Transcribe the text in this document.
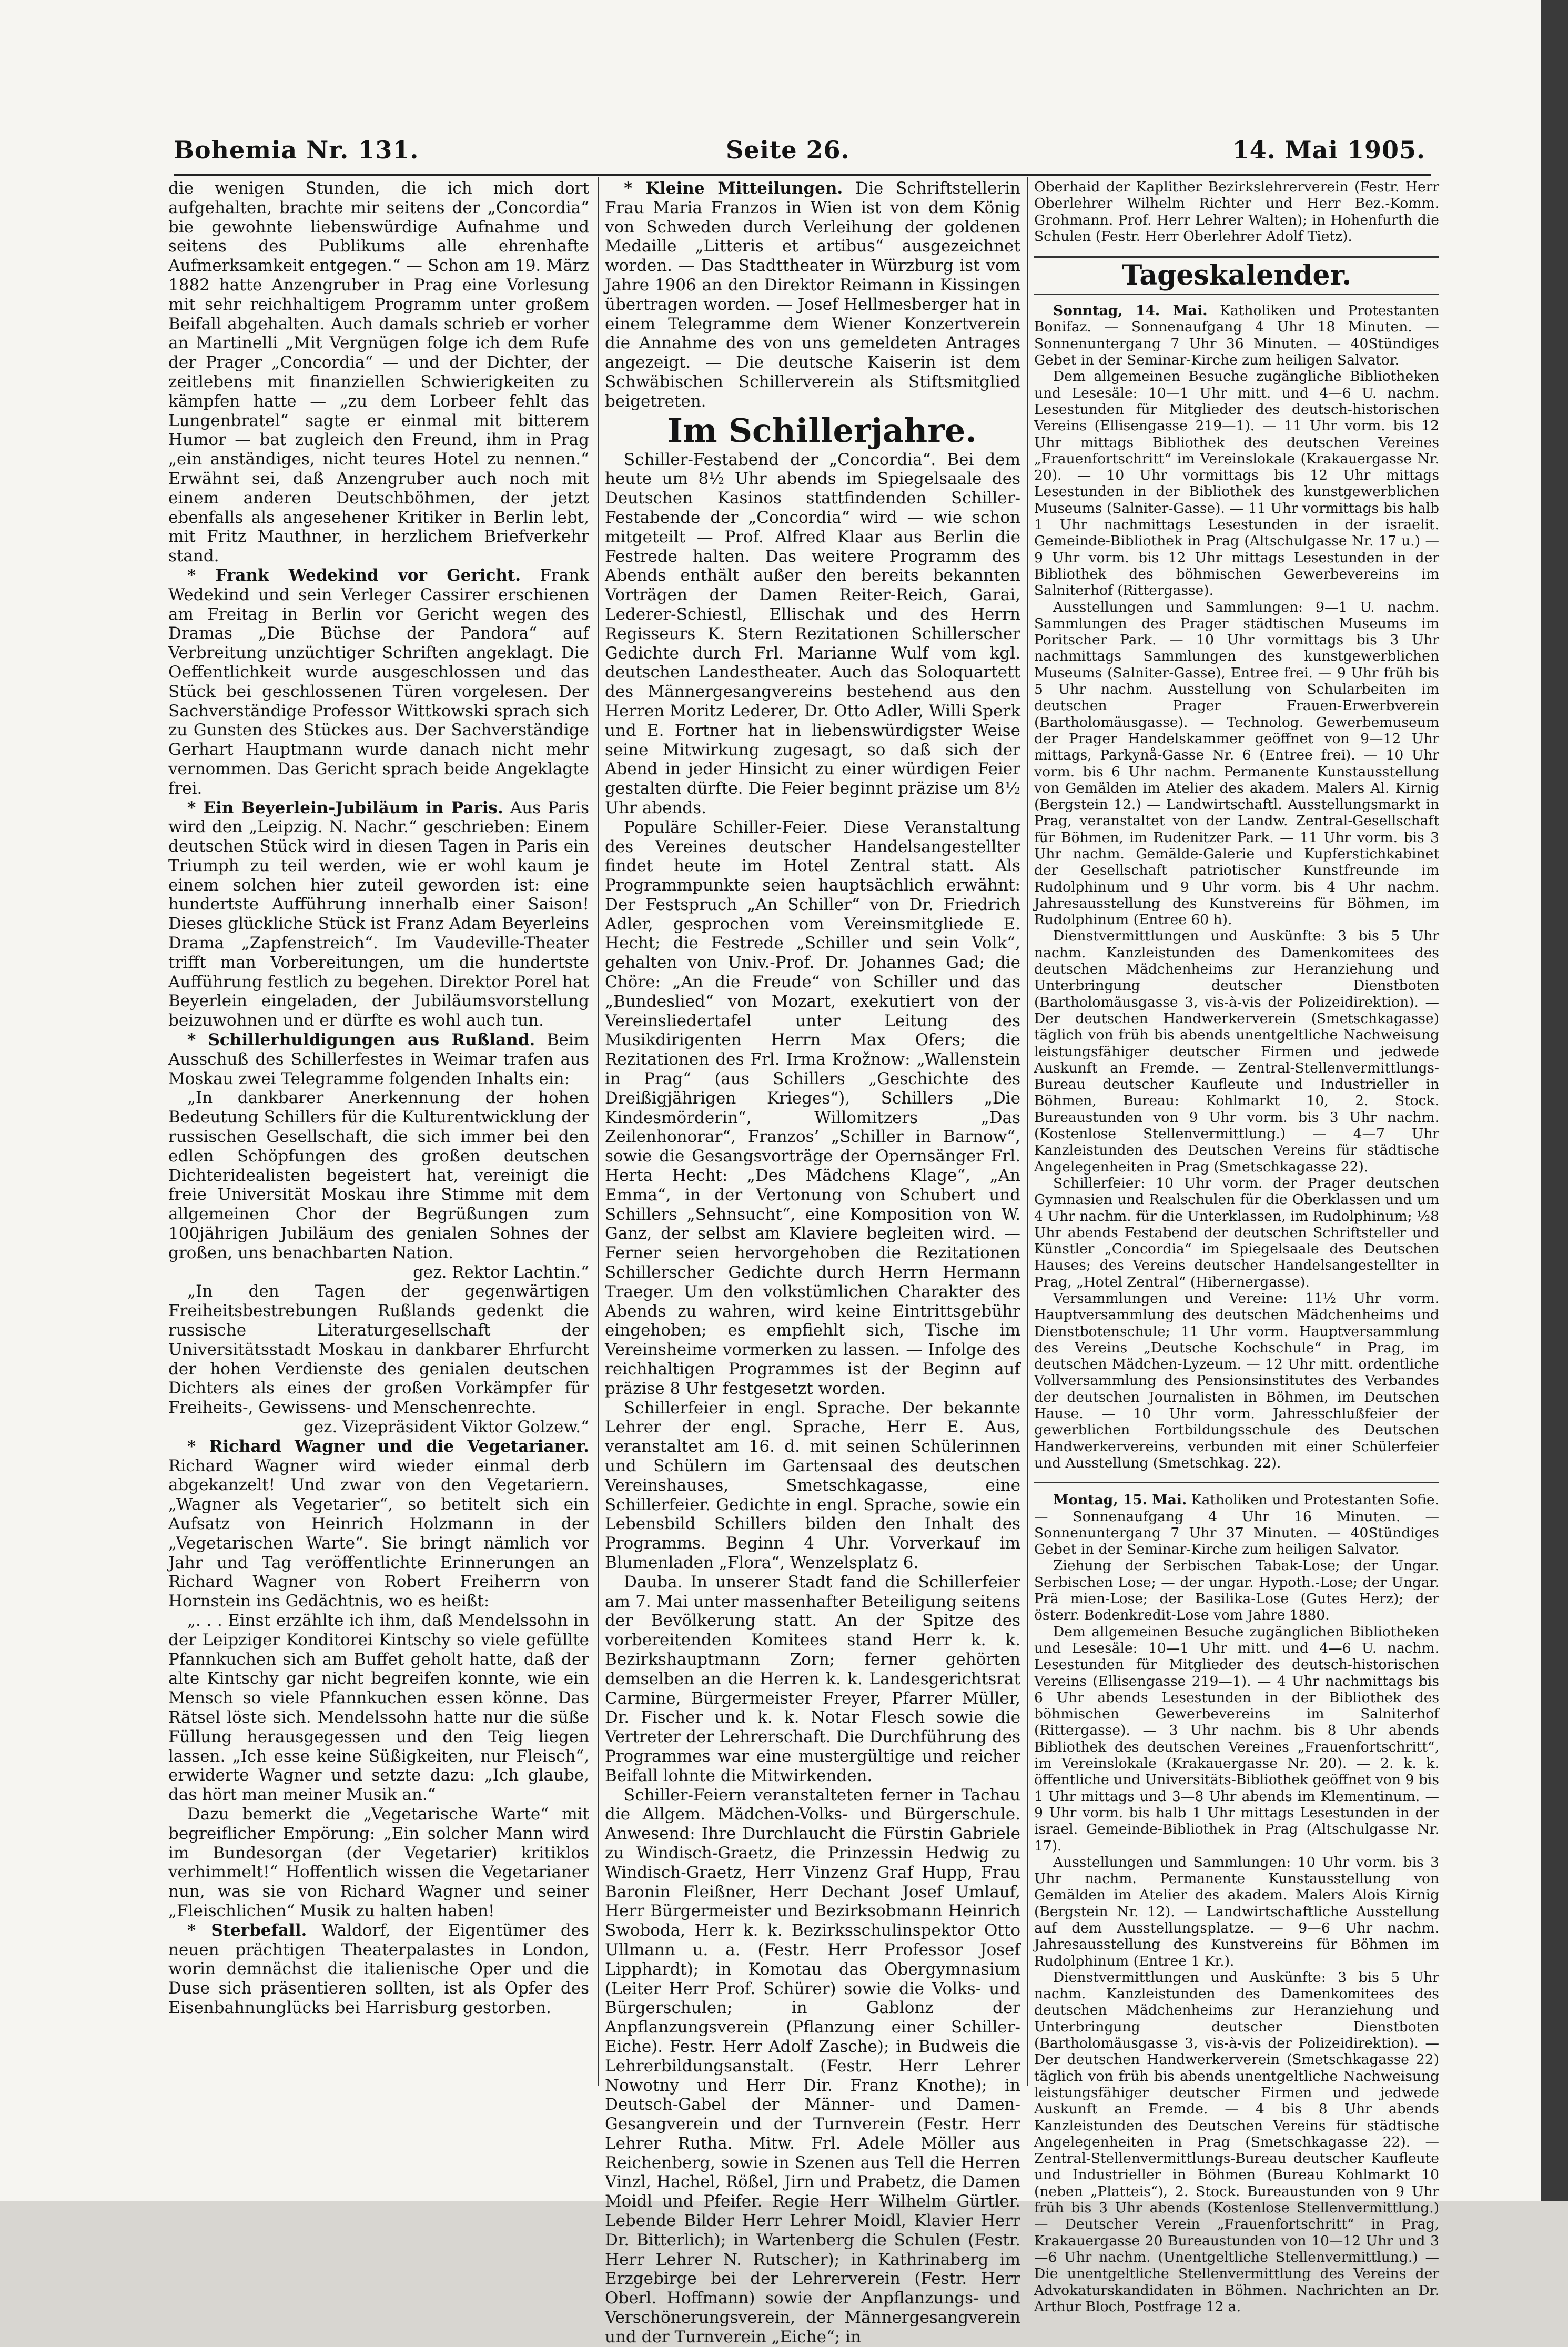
Bohemia Nr. 131.	Seite 26.	14. Mai 1905.

die wenigen Stunden, die ich mich dort aufgehalten, brachte mir seitens der „Concordia“ bie gewohnte liebenswürdige Aufnahme und seitens des Publikums alle ehrenhafte Aufmerksamkeit entgegen.“ — Schon am 19. März 1882 hatte Anzengruber in Prag eine Vorlesung mit sehr reichhaltigem Programm unter großem Beifall abgehalten. Auch damals schrieb er vorher an Martinelli „Mit Vergnügen folge ich dem Rufe der Prager „Concordia“ — und der Dichter, der zeitlebens mit finanziellen Schwierigkeiten zu kämpfen hatte — „zu dem Lorbeer fehlt das Lungenbratel“ sagte er einmal mit bitterem Humor — bat zugleich den Freund, ihm in Prag „ein anständiges, nicht teures Hotel zu nennen.“ Erwähnt sei, daß Anzengruber auch noch mit einem anderen Deutschböhmen, der jetzt ebenfalls als angesehener Kritiker in Berlin lebt, mit Fritz Mauthner, in herzlichem Briefverkehr stand.

* Frank Wedekind vor Gericht. Frank Wedekind und sein Verleger Cassirer erschienen am Freitag in Berlin vor Gericht wegen des Dramas „Die Büchse der Pandora“ auf Verbreitung unzüchtiger Schriften angeklagt. Die Oeffentlichkeit wurde ausgeschlossen und das Stück bei geschlossenen Türen vorgelesen. Der Sachverständige Professor Wittkowski sprach sich zu Gunsten des Stückes aus. Der Sachverständige Gerhart Hauptmann wurde danach nicht mehr vernommen. Das Gericht sprach beide Angeklagte frei.

* Ein Beyerlein-Jubiläum in Paris. Aus Paris wird den „Leipzig. N. Nachr.“ geschrieben: Einem deutschen Stück wird in diesen Tagen in Paris ein Triumph zu teil werden, wie er wohl kaum je einem solchen hier zuteil geworden ist: eine hundertste Aufführung innerhalb einer Saison! Dieses glückliche Stück ist Franz Adam Beyerleins Drama „Zapfenstreich“. Im Vaudeville-Theater trifft man Vorbereitungen, um die hundertste Aufführung festlich zu begehen. Direktor Porel hat Beyerlein eingeladen, der Jubiläumsvorstellung beizuwohnen und er dürfte es wohl auch tun.

* Schillerhuldigungen aus Rußland. Beim Ausschuß des Schillerfestes in Weimar trafen aus Moskau zwei Telegramme folgenden Inhalts ein:

„In dankbarer Anerkennung der hohen Bedeutung Schillers für die Kulturentwicklung der russischen Gesellschaft, die sich immer bei den edlen Schöpfungen des großen deutschen Dichteridealisten begeistert hat, vereinigt die freie Universität Moskau ihre Stimme mit dem allgemeinen Chor der Begrüßungen zum 100jährigen Jubiläum des genialen Sohnes der großen, uns benachbarten Nation.

gez. Rektor Lachtin.“

„In den Tagen der gegenwärtigen Freiheitsbestrebungen Rußlands gedenkt die russische Literaturgesellschaft der Universitätsstadt Moskau in dankbarer Ehrfurcht der hohen Verdienste des genialen deutschen Dichters als eines der großen Vorkämpfer für Freiheits-, Gewissens- und Menschenrechte.

gez. Vizepräsident Viktor Golzew.“

* Richard Wagner und die Vegetarianer. Richard Wagner wird wieder einmal derb abgekanzelt! Und zwar von den Vegetariern. „Wagner als Vegetarier“, so betitelt sich ein Aufsatz von Heinrich Holzmann in der „Vegetarischen Warte“. Sie bringt nämlich vor Jahr und Tag veröffentlichte Erinnerungen an Richard Wagner von Robert Freiherrn von Hornstein ins Gedächtnis, wo es heißt:

„. . . Einst erzählte ich ihm, daß Mendelssohn in der Leipziger Konditorei Kintschy so viele gefüllte Pfannkuchen sich am Buffet geholt hatte, daß der alte Kintschy gar nicht begreifen konnte, wie ein Mensch so viele Pfannkuchen essen könne. Das Rätsel löste sich. Mendelssohn hatte nur die süße Füllung herausgegessen und den Teig liegen lassen. „Ich esse keine Süßigkeiten, nur Fleisch“, erwiderte Wagner und setzte dazu: „Ich glaube, das hört man meiner Musik an.“

Dazu bemerkt die „Vegetarische Warte“ mit begreiflicher Empörung: „Ein solcher Mann wird im Bundesorgan (der Vegetarier) kritiklos verhimmelt!“ Hoffentlich wissen die Vegetarianer nun, was sie von Richard Wagner und seiner „Fleischlichen“ Musik zu halten haben!

* Sterbefall. Waldorf, der Eigentümer des neuen prächtigen Theaterpalastes in London, worin demnächst die italienische Oper und die Duse sich präsentieren sollten, ist als Opfer des Eisenbahnunglücks bei Harrisburg gestorben.

* Kleine Mitteilungen. Die Schriftstellerin Frau Maria Franzos in Wien ist von dem König von Schweden durch Verleihung der goldenen Medaille „Litteris et artibus“ ausgezeichnet worden. — Das Stadttheater in Würzburg ist vom Jahre 1906 an den Direktor Reimann in Kissingen übertragen worden. — Josef Hellmesberger hat in einem Telegramme dem Wiener Konzertverein die Annahme des von uns gemeldeten Antrages angezeigt. — Die deutsche Kaiserin ist dem Schwäbischen Schillerverein als Stiftsmitglied beigetreten.

Im Schillerjahre.

Schiller-Festabend der „Concordia“. Bei dem heute um 8½ Uhr abends im Spiegelsaale des Deutschen Kasinos stattfindenden Schiller-Festabende der „Concordia“ wird — wie schon mitgeteilt — Prof. Alfred Klaar aus Berlin die Festrede halten. Das weitere Programm des Abends enthält außer den bereits bekannten Vorträgen der Damen Reiter-Reich, Garai, Lederer-Schiestl, Ellischak und des Herrn Regisseurs K. Stern Rezitationen Schillerscher Gedichte durch Frl. Marianne Wulf vom kgl. deutschen Landestheater. Auch das Soloquartett des Männergesangvereins bestehend aus den Herren Moritz Lederer, Dr. Otto Adler, Willi Sperk und E. Fortner hat in liebenswürdigster Weise seine Mitwirkung zugesagt, so daß sich der Abend in jeder Hinsicht zu einer würdigen Feier gestalten dürfte. Die Feier beginnt präzise um 8½ Uhr abends.

Populäre Schiller-Feier. Diese Veranstaltung des Vereines deutscher Handelsangestellter findet heute im Hotel Zentral statt. Als Programmpunkte seien hauptsächlich erwähnt: Der Festspruch „An Schiller“ von Dr. Friedrich Adler, gesprochen vom Vereinsmitgliede E. Hecht; die Festrede „Schiller und sein Volk“, gehalten von Univ.-Prof. Dr. Johannes Gad; die Chöre: „An die Freude“ von Schiller und das „Bundeslied“ von Mozart, exekutiert von der Vereinsliedertafel unter Leitung des Musikdirigenten Herrn Max Ofers; die Rezitationen des Frl. Irma Krožnow: „Wallenstein in Prag“ (aus Schillers „Geschichte des Dreißigjährigen Krieges“), Schillers „Die Kindesmörderin“, Willomitzers „Das Zeilenhonorar“, Franzos’ „Schiller in Barnow“, sowie die Gesangsvorträge der Opernsänger Frl. Herta Hecht: „Des Mädchens Klage“, „An Emma“, in der Vertonung von Schubert und Schillers „Sehnsucht“, eine Komposition von W. Ganz, der selbst am Klaviere begleiten wird. — Ferner seien hervorgehoben die Rezitationen Schillerscher Gedichte durch Herrn Hermann Traeger. Um den volkstümlichen Charakter des Abends zu wahren, wird keine Eintrittsgebühr eingehoben; es empfiehlt sich, Tische im Vereinsheime vormerken zu lassen. — Infolge des reichhaltigen Programmes ist der Beginn auf präzise 8 Uhr festgesetzt worden.

Schillerfeier in engl. Sprache. Der bekannte Lehrer der engl. Sprache, Herr E. Aus, veranstaltet am 16. d. mit seinen Schülerinnen und Schülern im Gartensaal des deutschen Vereinshauses, Smetschkagasse, eine Schillerfeier. Gedichte in engl. Sprache, sowie ein Lebensbild Schillers bilden den Inhalt des Programms. Beginn 4 Uhr. Vorverkauf im Blumenladen „Flora“, Wenzelsplatz 6.

Dauba. In unserer Stadt fand die Schillerfeier am 7. Mai unter massenhafter Beteiligung seitens der Bevölkerung statt. An der Spitze des vorbereitenden Komitees stand Herr k. k. Bezirkshauptmann Zorn; ferner gehörten demselben an die Herren k. k. Landesgerichtsrat Carmine, Bürgermeister Freyer, Pfarrer Müller, Dr. Fischer und k. k. Notar Flesch sowie die Vertreter der Lehrerschaft. Die Durchführung des Programmes war eine mustergültige und reicher Beifall lohnte die Mitwirkenden.

Schiller-Feiern veranstalteten ferner in Tachau die Allgem. Mädchen-Volks- und Bürgerschule. Anwesend: Ihre Durchlaucht die Fürstin Gabriele zu Windisch-Graetz, die Prinzessin Hedwig zu Windisch-Graetz, Herr Vinzenz Graf Hupp, Frau Baronin Fleißner, Herr Dechant Josef Umlauf, Herr Bürgermeister und Bezirksobmann Heinrich Swoboda, Herr k. k. Bezirksschulinspektor Otto Ullmann u. a. (Festr. Herr Professor Josef Lipphardt); in Komotau das Obergymnasium (Leiter Herr Prof. Schürer) sowie die Volks- und Bürgerschulen; in Gablonz der Anpflanzungsverein (Pflanzung einer Schiller-Eiche). Festr. Herr Adolf Zasche); in Budweis die Lehrerbildungsanstalt. (Festr. Herr Lehrer Nowotny und Herr Dir. Franz Knothe); in Deutsch-Gabel der Männer- und Damen-Gesangverein und der Turnverein (Festr. Herr Lehrer Rutha. Mitw. Frl. Adele Möller aus Reichenberg, sowie in Szenen aus Tell die Herren Vinzl, Hachel, Rößel, Jirn und Prabetz, die Damen Moidl und Pfeifer. Regie Herr Wilhelm Gürtler. Lebende Bilder Herr Lehrer Moidl, Klavier Herr Dr. Bitterlich); in Wartenberg die Schulen (Festr. Herr Lehrer N. Rutscher); in Kathrinaberg im Erzgebirge bei der Lehrerverein (Festr. Herr Oberl. Hoffmann) sowie der Anpflanzungs- und Verschönerungsverein, der Männergesangverein und der Turnverein „Eiche“; in

Oberhaid der Kaplither Bezirkslehrerverein (Festr. Herr Oberlehrer Wilhelm Richter und Herr Bez.-Komm. Grohmann. Prof. Herr Lehrer Walten); in Hohenfurth die Schulen (Festr. Herr Oberlehrer Adolf Tietz).

Tageskalender.

Sonntag, 14. Mai. Katholiken und Protestanten Bonifaz. — Sonnenaufgang 4 Uhr 18 Minuten. — Sonnenuntergang 7 Uhr 36 Minuten. — 40Stündiges Gebet in der Seminar-Kirche zum heiligen Salvator.

Dem allgemeinen Besuche zugängliche Bibliotheken und Lesesäle: 10—1 Uhr mitt. und 4—6 U. nachm. Lesestunden für Mitglieder des deutsch-historischen Vereins (Ellisengasse 219—1). — 11 Uhr vorm. bis 12 Uhr mittags Bibliothek des deutschen Vereines „Frauenfortschritt“ im Vereinslokale (Krakauergasse Nr. 20). — 10 Uhr vormittags bis 12 Uhr mittags Lesestunden in der Bibliothek des kunstgewerblichen Museums (Salniter-Gasse). — 11 Uhr vormittags bis halb 1 Uhr nachmittags Lesestunden in der israelit. Gemeinde-Bibliothek in Prag (Altschulgasse Nr. 17 u.) — 9 Uhr vorm. bis 12 Uhr mittags Lesestunden in der Bibliothek des böhmischen Gewerbevereins im Salniterhof (Rittergasse).

Ausstellungen und Sammlungen: 9—1 U. nachm. Sammlungen des Prager städtischen Museums im Poritscher Park. — 10 Uhr vormittags bis 3 Uhr nachmittags Sammlungen des kunstgewerblichen Museums (Salniter-Gasse), Entree frei. — 9 Uhr früh bis 5 Uhr nachm. Ausstellung von Schularbeiten im deutschen Prager Frauen-Erwerbverein (Bartholomäusgasse). — Technolog. Gewerbemuseum der Prager Handelskammer geöffnet von 9—12 Uhr mittags, Parkynå-Gasse Nr. 6 (Entree frei). — 10 Uhr vorm. bis 6 Uhr nachm. Permanente Kunstausstellung von Gemälden im Atelier des akadem. Malers Al. Kirnig (Bergstein 12.) — Landwirtschaftl. Ausstellungsmarkt in Prag, veranstaltet von der Landw. Zentral-Gesellschaft für Böhmen, im Rudenitzer Park. — 11 Uhr vorm. bis 3 Uhr nachm. Gemälde-Galerie und Kupferstichkabinet der Gesellschaft patriotischer Kunstfreunde im Rudolphinum und 9 Uhr vorm. bis 4 Uhr nachm. Jahresausstellung des Kunstvereins für Böhmen, im Rudolphinum (Entree 60 h).

Dienstvermittlungen und Auskünfte: 3 bis 5 Uhr nachm. Kanzleistunden des Damenkomitees des deutschen Mädchenheims zur Heranziehung und Unterbringung deutscher Dienstboten (Bartholomäusgasse 3, vis-à-vis der Polizeidirektion). — Der deutschen Handwerkerverein (Smetschkagasse) täglich von früh bis abends unentgeltliche Nachweisung leistungsfähiger deutscher Firmen und jedwede Auskunft an Fremde. — Zentral-Stellenvermittlungs-Bureau deutscher Kaufleute und Industrieller in Böhmen, Bureau: Kohlmarkt 10, 2. Stock. Bureaustunden von 9 Uhr vorm. bis 3 Uhr nachm. (Kostenlose Stellenvermittlung.) — 4—7 Uhr Kanzleistunden des Deutschen Vereins für städtische Angelegenheiten in Prag (Smetschkagasse 22).

Schillerfeier: 10 Uhr vorm. der Prager deutschen Gymnasien und Realschulen für die Oberklassen und um 4 Uhr nachm. für die Unterklassen, im Rudolphinum; ½8 Uhr abends Festabend der deutschen Schriftsteller und Künstler „Concordia“ im Spiegelsaale des Deutschen Hauses; des Vereins deutscher Handelsangestellter in Prag, „Hotel Zentral“ (Hibernergasse).

Versammlungen und Vereine: 11½ Uhr vorm. Hauptversammlung des deutschen Mädchenheims und Dienstbotenschule; 11 Uhr vorm. Hauptversammlung des Vereins „Deutsche Kochschule“ in Prag, im deutschen Mädchen-Lyzeum. — 12 Uhr mitt. ordentliche Vollversammlung des Pensionsinstitutes des Verbandes der deutschen Journalisten in Böhmen, im Deutschen Hause. — 10 Uhr vorm. Jahresschlußfeier der gewerblichen Fortbildungsschule des Deutschen Handwerkervereins, verbunden mit einer Schülerfeier und Ausstellung (Smetschkag. 22).

Montag, 15. Mai. Katholiken und Protestanten Sofie. — Sonnenaufgang 4 Uhr 16 Minuten. — Sonnenuntergang 7 Uhr 37 Minuten. — 40Stündiges Gebet in der Seminar-Kirche zum heiligen Salvator.

Ziehung der Serbischen Tabak-Lose; der Ungar. Serbischen Lose; — der ungar. Hypoth.-Lose; der Ungar. Prä mien-Lose; der Basilika-Lose (Gutes Herz); der österr. Bodenkredit-Lose vom Jahre 1880.

Dem allgemeinen Besuche zugänglichen Bibliotheken und Lesesäle: 10—1 Uhr mitt. und 4—6 U. nachm. Lesestunden für Mitglieder des deutsch-historischen Vereins (Ellisengasse 219—1). — 4 Uhr nachmittags bis 6 Uhr abends Lesestunden in der Bibliothek des böhmischen Gewerbevereins im Salniterhof (Rittergasse). — 3 Uhr nachm. bis 8 Uhr abends Bibliothek des deutschen Vereines „Frauenfortschritt“, im Vereinslokale (Krakauergasse Nr. 20). — 2. k. k. öffentliche und Universitäts-Bibliothek geöffnet von 9 bis 1 Uhr mittags und 3—8 Uhr abends im Klementinum. — 9 Uhr vorm. bis halb 1 Uhr mittags Lesestunden in der israel. Gemeinde-Bibliothek in Prag (Altschulgasse Nr. 17).

Ausstellungen und Sammlungen: 10 Uhr vorm. bis 3 Uhr nachm. Permanente Kunstausstellung von Gemälden im Atelier des akadem. Malers Alois Kirnig (Bergstein Nr. 12). — Landwirtschaftliche Ausstellung auf dem Ausstellungsplatze. — 9—6 Uhr nachm. Jahresausstellung des Kunstvereins für Böhmen im Rudolphinum (Entree 1 Kr.).

Dienstvermittlungen und Auskünfte: 3 bis 5 Uhr nachm. Kanzleistunden des Damenkomitees des deutschen Mädchenheims zur Heranziehung und Unterbringung deutscher Dienstboten (Bartholomäusgasse 3, vis-à-vis der Polizeidirektion). — Der deutschen Handwerkerverein (Smetschkagasse 22) täglich von früh bis abends unentgeltliche Nachweisung leistungsfähiger deutscher Firmen und jedwede Auskunft an Fremde. — 4 bis 8 Uhr abends Kanzleistunden des Deutschen Vereins für städtische Angelegenheiten in Prag (Smetschkagasse 22). — Zentral-Stellenvermittlungs-Bureau deutscher Kaufleute und Industrieller in Böhmen (Bureau Kohlmarkt 10 (neben „Platteis“), 2. Stock. Bureaustunden von 9 Uhr früh bis 3 Uhr abends (Kostenlose Stellenvermittlung.) — Deutscher Verein „Frauenfortschritt“ in Prag, Krakauergasse 20 Bureaustunden von 10—12 Uhr und 3—6 Uhr nachm. (Unentgeltliche Stellenvermittlung.) — Die unentgeltliche Stellenvermittlung des Vereins der Advokaturskandidaten in Böhmen. Nachrichten an Dr. Arthur Bloch, Postfrage 12 a.
